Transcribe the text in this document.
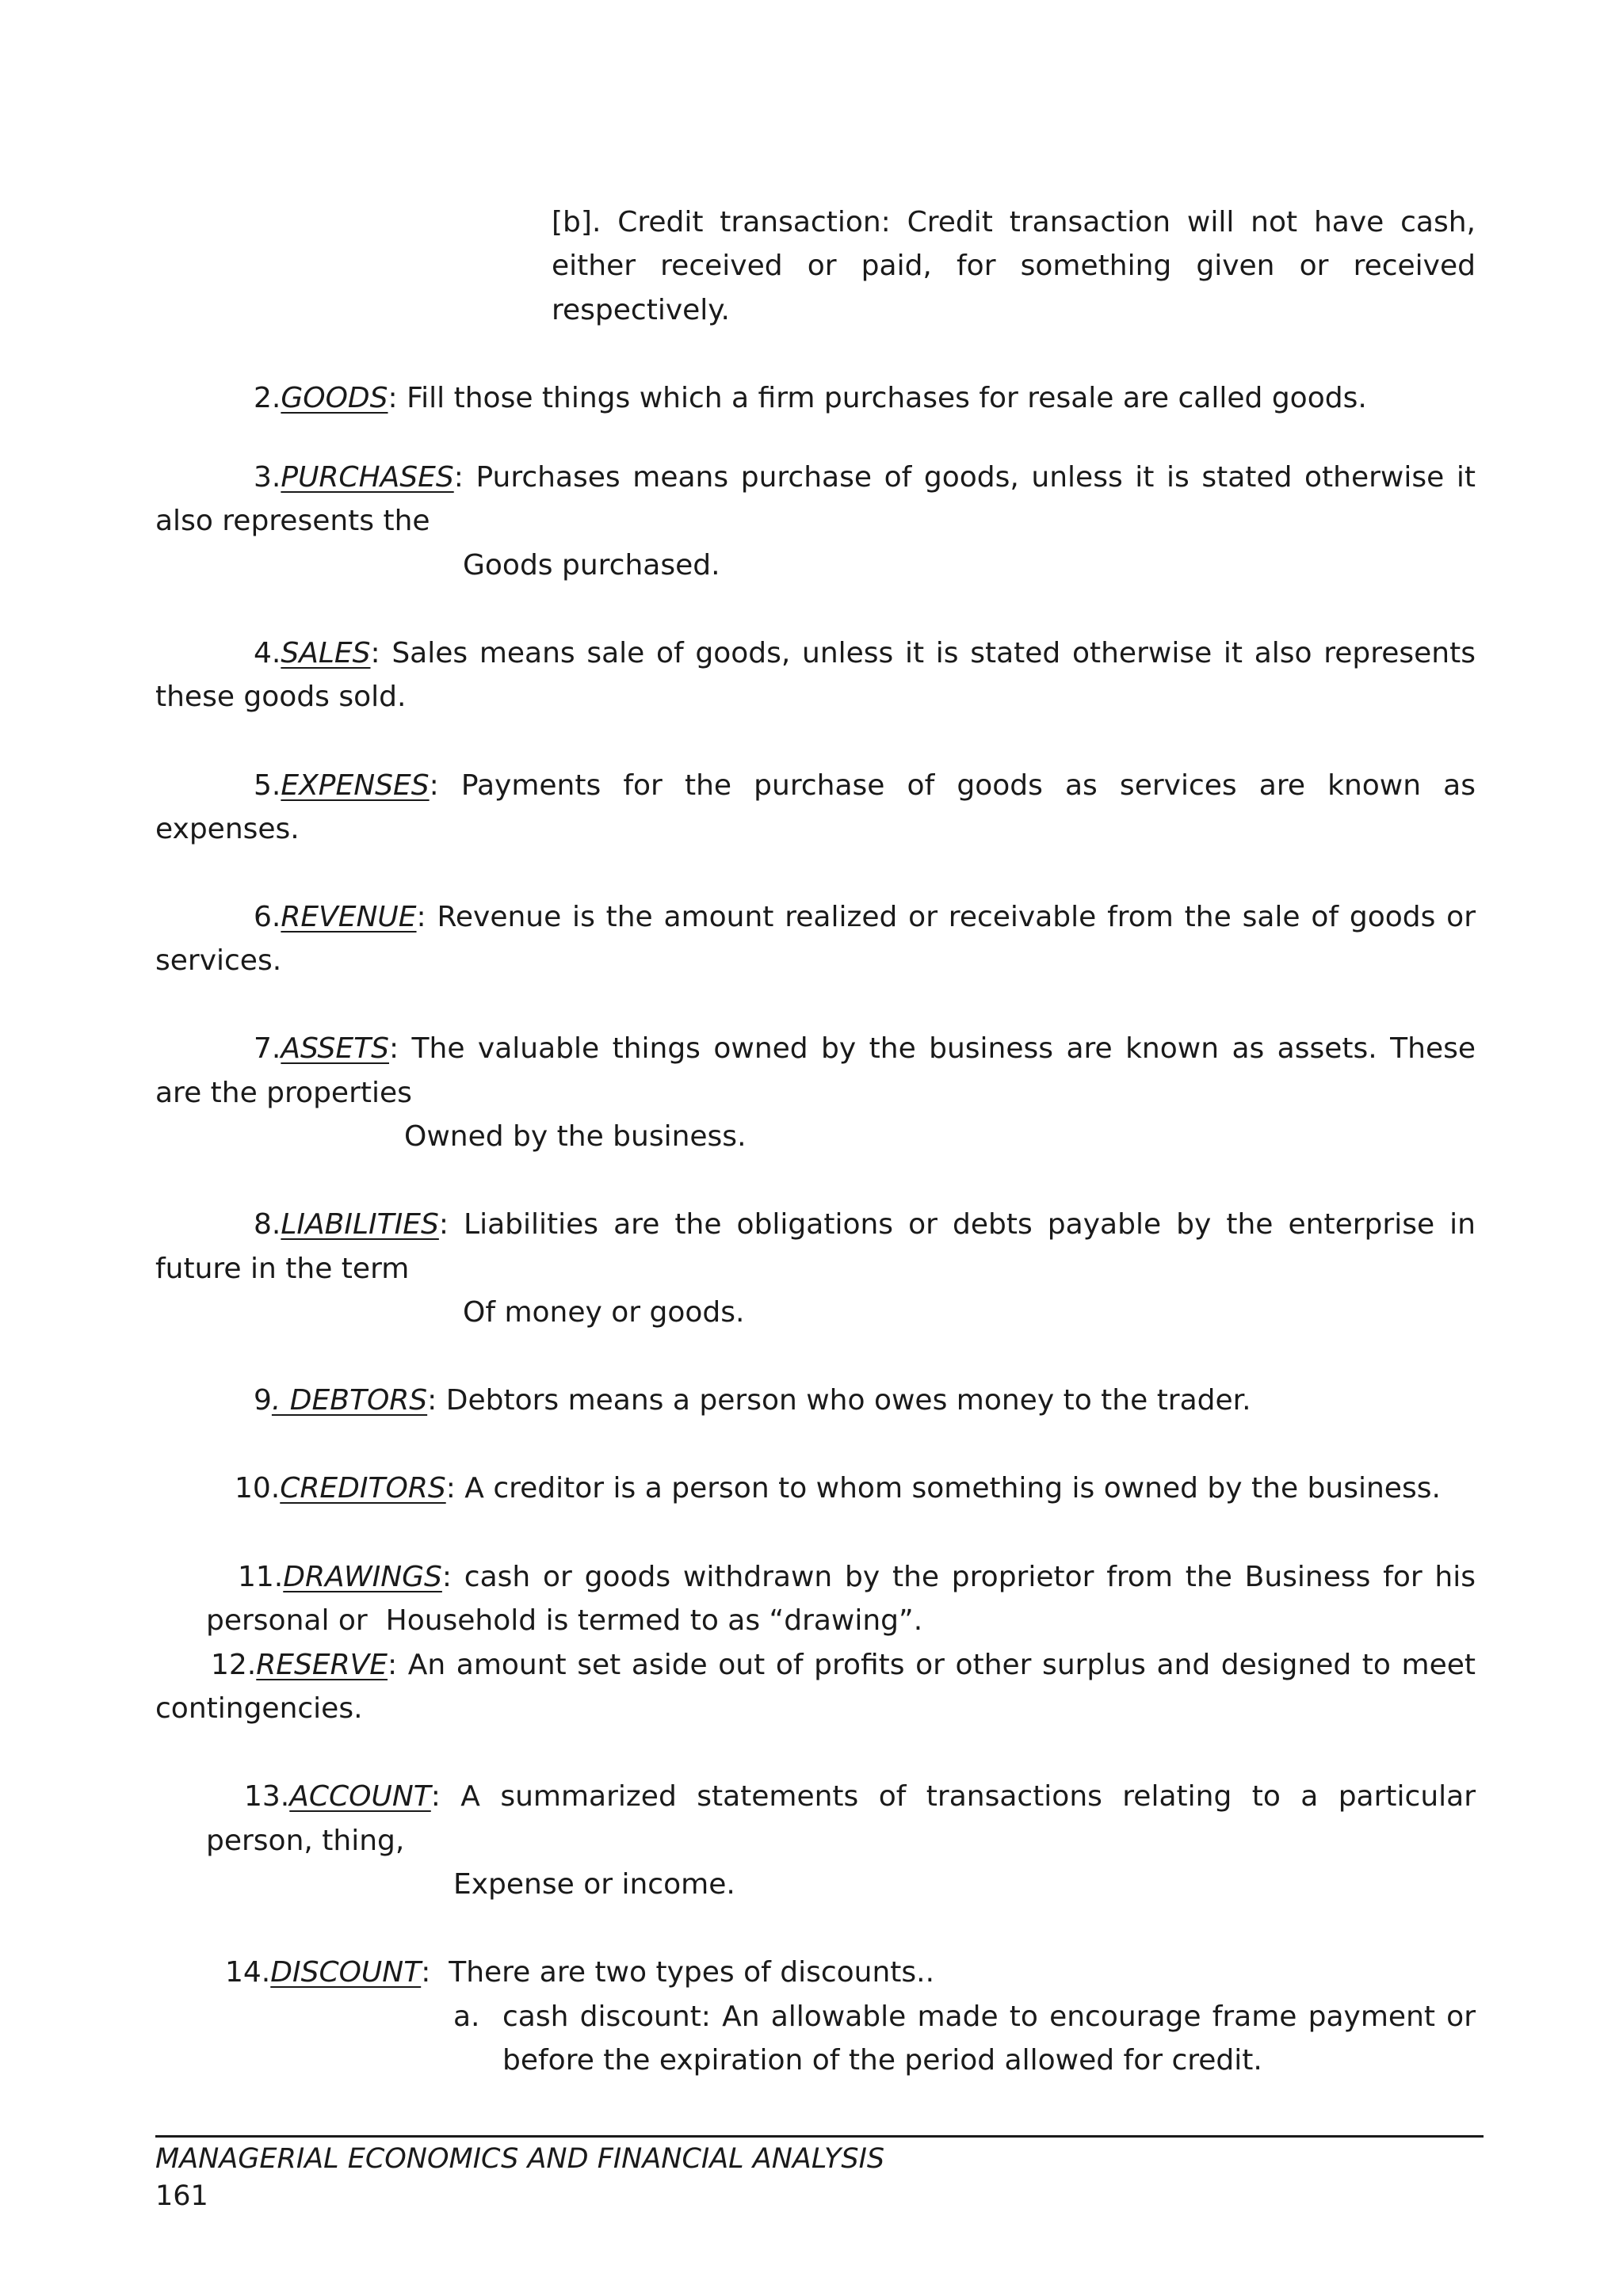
[b]. Credit transaction: Credit transaction will not have cash,
either received or paid, for something given or received
respectively.
2.GOODS: Fill those things which a firm purchases for resale are called goods.
3.PURCHASES: Purchases means purchase of goods, unless it is stated otherwise it
also represents the
Goods purchased.
4.SALES: Sales means sale of goods, unless it is stated otherwise it also represents
these goods sold.
5.EXPENSES: Payments for the purchase of goods as services are known as
expenses.
6.REVENUE: Revenue is the amount realized or receivable from the sale of goods or
services.
7.ASSETS: The valuable things owned by the business are known as assets. These
are the properties
Owned by the business.
8.LIABILITIES: Liabilities are the obligations or debts payable by the enterprise in
future in the term
Of money or goods.
9. DEBTORS: Debtors means a person who owes money to the trader.
10.CREDITORS: A creditor is a person to whom something is owned by the business.
11.DRAWINGS: cash or goods withdrawn by the proprietor from the Business for his
personal or  Household is termed to as “drawing”.
12.RESERVE: An amount set aside out of profits or other surplus and designed to meet
contingencies.
13.ACCOUNT: A summarized statements of transactions relating to a particular
person, thing,
Expense or income.
14.DISCOUNT:  There are two types of discounts..
a. cash discount: An allowable made to encourage frame payment or
before the expiration of the period allowed for credit.
MANAGERIAL ECONOMICS AND FINANCIAL ANALYSIS
161
